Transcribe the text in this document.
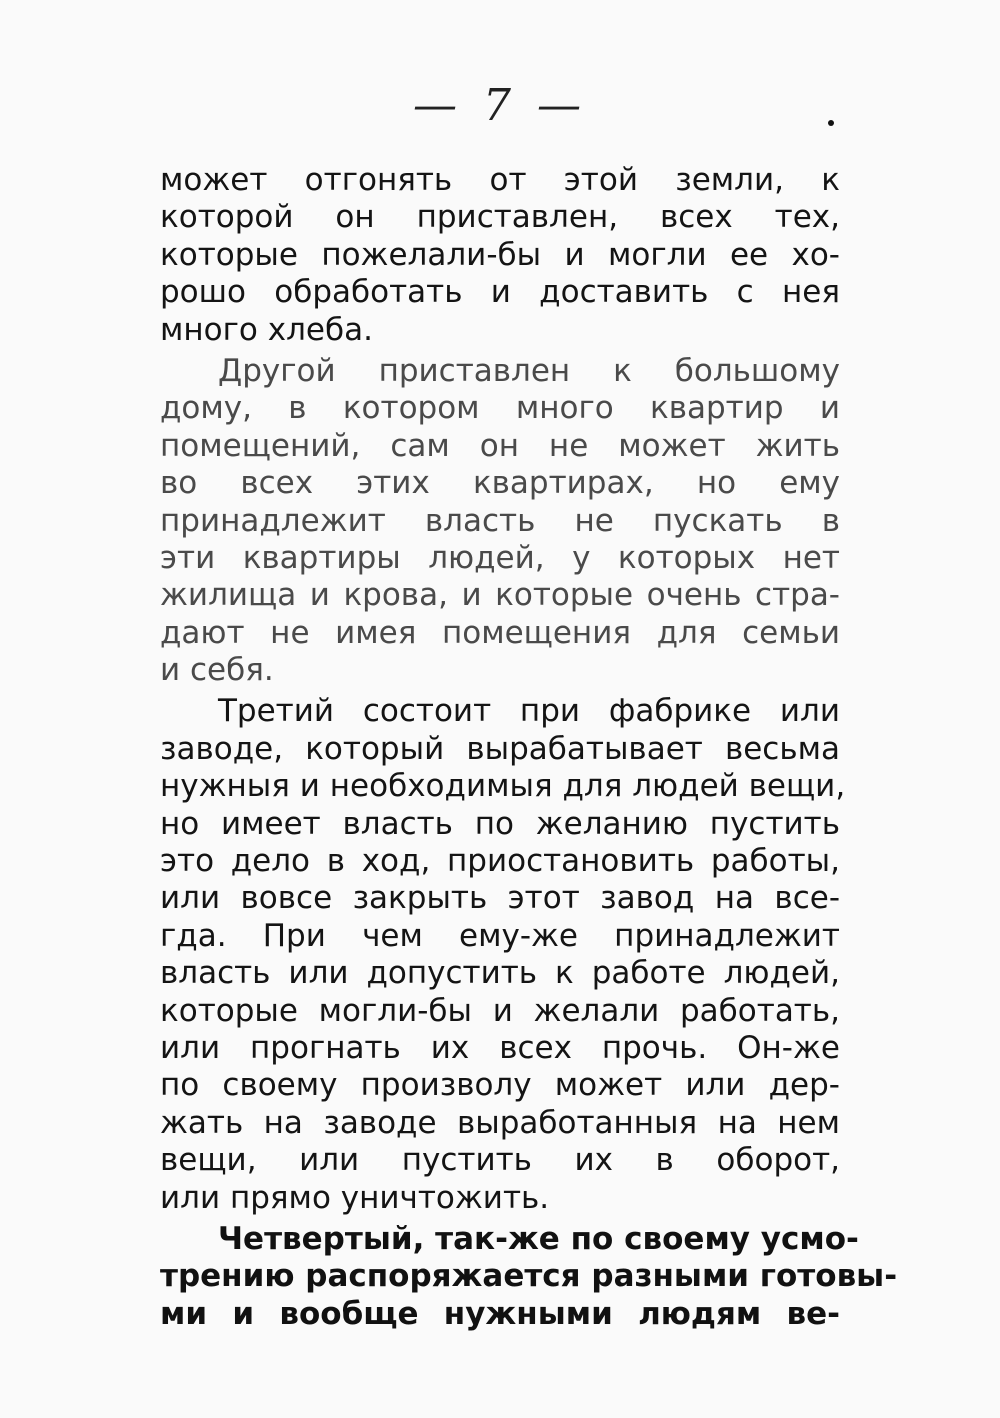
— 7 —
может отгонять от этой земли, к
которой он приставлен, всех тех,
которые пожелали-бы и могли ее хо-
рошо обработать и доставить с нея
много хлеба.
Другой приставлен к большому
дому, в котором много квартир и
помещений, сам он не может жить
во всех этих квартирах, но ему
принадлежит власть не пускать в
эти квартиры людей, у которых нет
жилища и крова, и которые очень стра-
дают не имея помещения для семьи
и себя.
Третий состоит при фабрике или
заводе, который вырабатывает весьма
нужныя и необходимыя для людей вещи,
но имеет власть по желанию пустить
это дело в ход, приостановить работы,
или вовсе закрыть этот завод на все-
гда. При чем ему-же принадлежит
власть или допустить к работе людей,
которые могли-бы и желали работать,
или прогнать их всех прочь. Он-же
по своему произволу может или дер-
жать на заводе выработанныя на нем
вещи, или пустить их в оборот,
или прямо уничтожить.
Четвертый, так-же по своему усмо-
трению распоряжается разными готовы-
ми и вообще нужными людям ве-
